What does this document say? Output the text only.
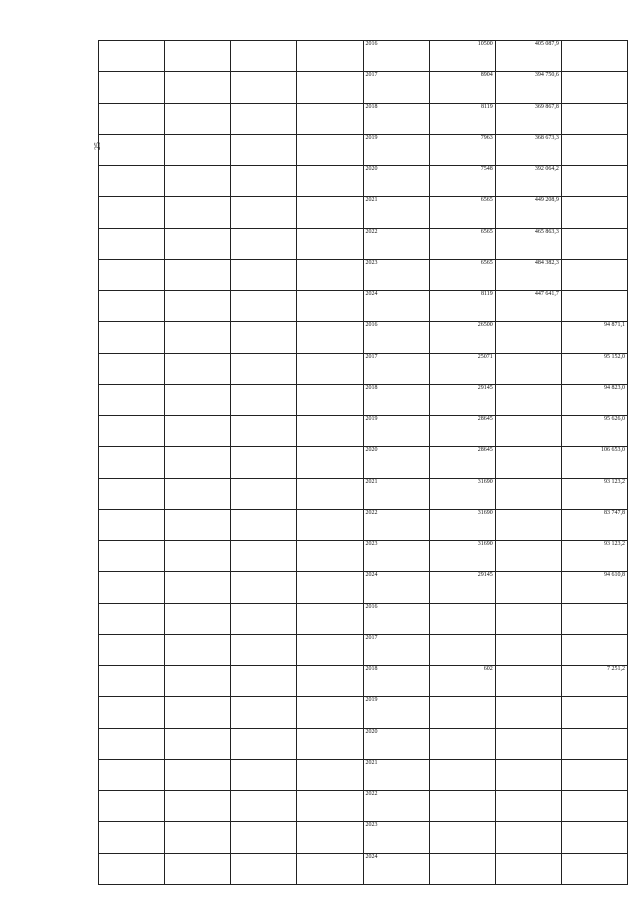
25
				2016	10500	405 087,9	
				2017	8904	394 750,6	
				2018	8119	369 867,8	
				2019	7963	368 673,3	
				2020	7548	392 064,2	
				2021	6565	449 208,9	
				2022	6565	465 863,3	
				2023	6565	484 382,3	
				2024	8119	447 641,7	
				2016	26500		94 871,1
				2017	25071		95 152,0
				2018	29145		94 823,0
				2019	28645		95 626,0
				2020	28645		106 653,0
				2021	31690		93 123,2
				2022	31690		83 747,8
				2023	31690		93 123,2
				2024	29145		94 610,8
				2016			
				2017			
				2018	602		7 251,2
				2019			
				2020			
				2021			
				2022			
				2023			
				2024			
